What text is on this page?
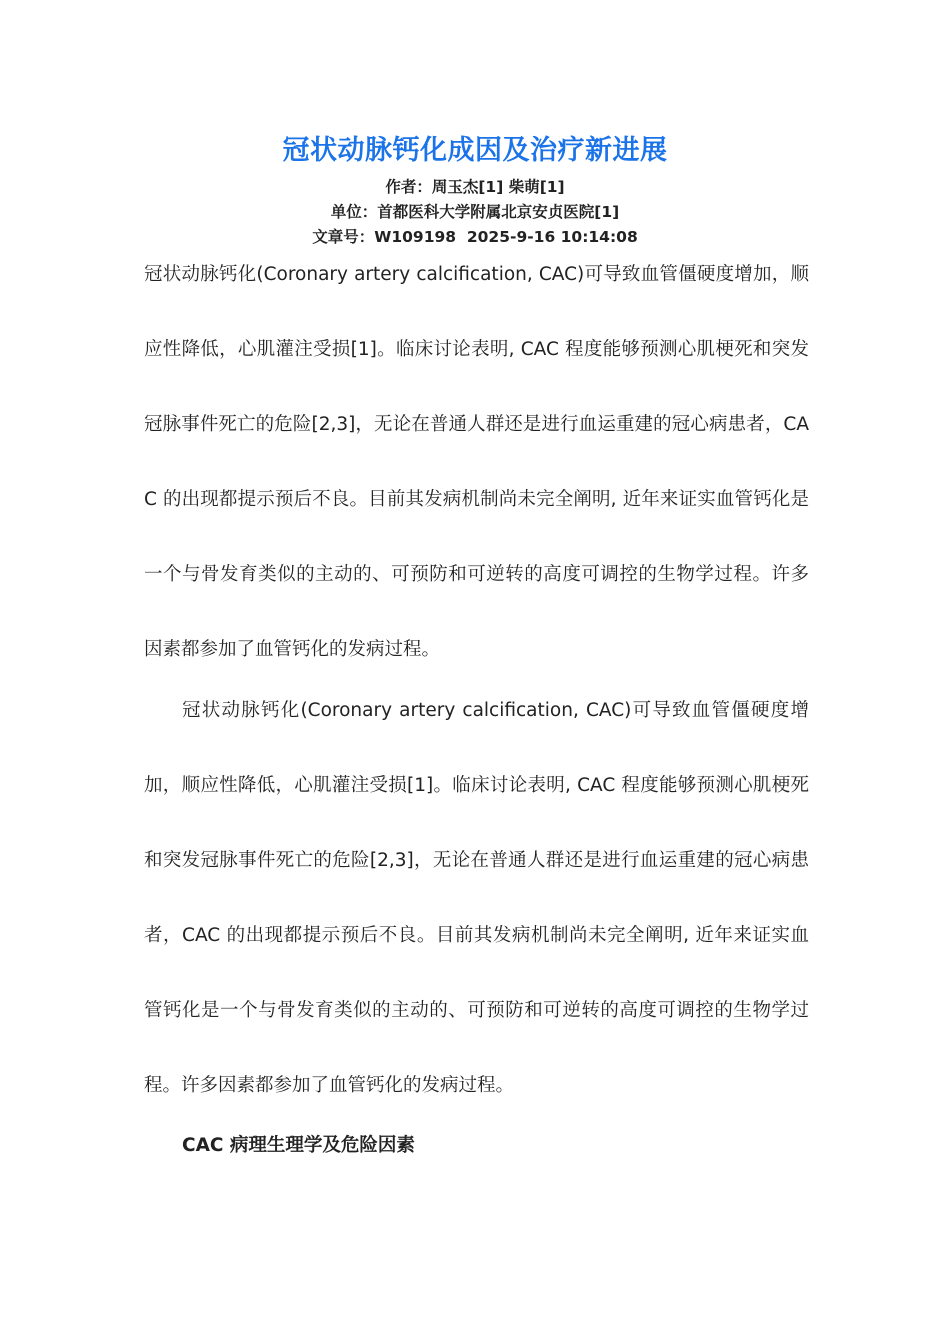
冠状动脉钙化成因及治疗新进展
作者：周玉杰[1] 柴萌[1]
单位：首都医科大学附属北京安贞医院[1]
文章号：W109198  2025-9-16 10:14:08

冠状动脉钙化(Coronary artery calcification, CAC)可导致血管僵硬度增加，顺应性降低，心肌灌注受损[1]。临床讨论表明, CAC 程度能够预测心肌梗死和突发冠脉事件死亡的危险[2,3]，无论在普通人群还是进行血运重建的冠心病患者，CAC 的出现都提示预后不良。目前其发病机制尚未完全阐明, 近年来证实血管钙化是一个与骨发育类似的主动的、可预防和可逆转的高度可调控的生物学过程。许多因素都参加了血管钙化的发病过程。

冠状动脉钙化(Coronary artery calcification, CAC)可导致血管僵硬度增加，顺应性降低，心肌灌注受损[1]。临床讨论表明, CAC 程度能够预测心肌梗死和突发冠脉事件死亡的危险[2,3]，无论在普通人群还是进行血运重建的冠心病患者，CAC 的出现都提示预后不良。目前其发病机制尚未完全阐明, 近年来证实血管钙化是一个与骨发育类似的主动的、可预防和可逆转的高度可调控的生物学过程。许多因素都参加了血管钙化的发病过程。

CAC 病理生理学及危险因素
